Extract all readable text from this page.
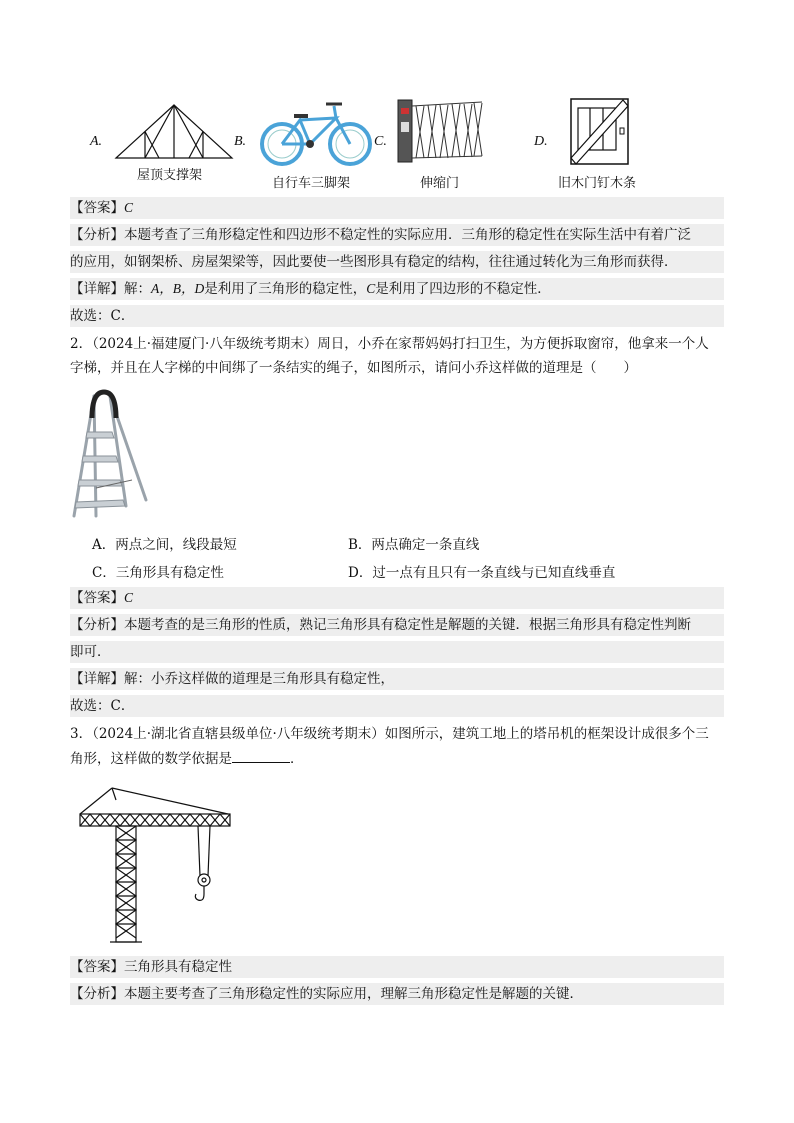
A.
屋顶支撑架
B.
自行车三脚架
C.
伸缩门
D.
旧木门钉木条
【答案】C
【分析】本题考查了三角形稳定性和四边形不稳定性的实际应用．三角形的稳定性在实际生活中有着广泛
的应用，如钢架桥、房屋架梁等，因此要使一些图形具有稳定的结构，往往通过转化为三角形而获得．
【详解】解：A，B，D是利用了三角形的稳定性，C是利用了四边形的不稳定性．
故选：C．
2．（2024上·福建厦门·八年级统考期末）周日，小乔在家帮妈妈打扫卫生，为方便拆取窗帘，他拿来一个人
字梯，并且在人字梯的中间绑了一条结实的绳子，如图所示，请问小乔这样做的道理是（　　）
A．两点之间，线段最短	B．两点确定一条直线
C．三角形具有稳定性	D．过一点有且只有一条直线与已知直线垂直
【答案】C
【分析】本题考查的是三角形的性质，熟记三角形具有稳定性是解题的关键．根据三角形具有稳定性判断
即可．
【详解】解：小乔这样做的道理是三角形具有稳定性，
故选：C．
3．（2024上·湖北省直辖县级单位·八年级统考期末）如图所示，建筑工地上的塔吊机的框架设计成很多个三
角形，这样做的数学依据是	．
【答案】三角形具有稳定性
【分析】本题主要考查了三角形稳定性的实际应用，理解三角形稳定性是解题的关键．
